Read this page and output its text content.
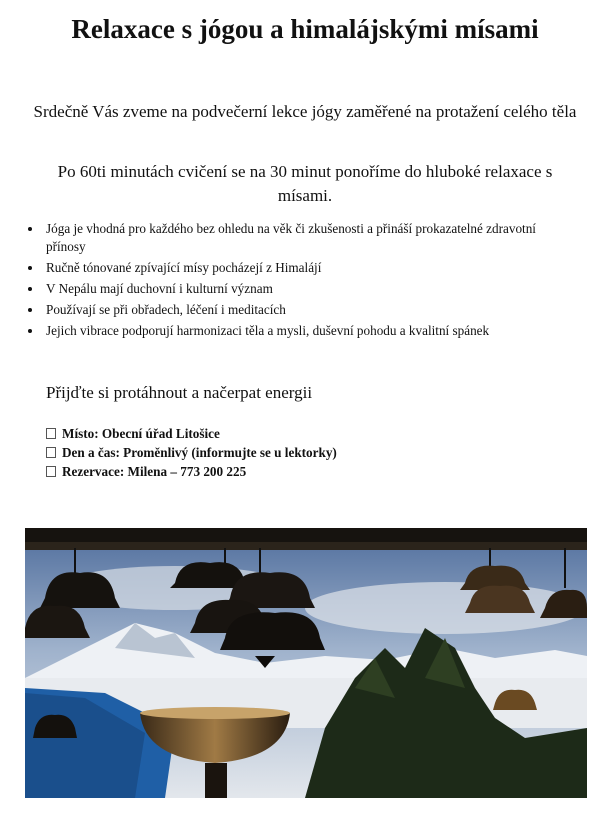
Relaxace s jógou a himalájskými mísami

Srdečně Vás zveme na podvečerní lekce jógy zaměřené na protažení celého těla

Po 60ti minutách cvičení se na 30 minut ponoříme do hluboké relaxace s mísami.

Jóga je vhodná pro každého bez ohledu na věk či zkušenosti a přináší prokazatelné zdravotní přínosy
Ručně tónované zpívající mísy pocházejí z Himalájí
V Nepálu mají duchovní i kulturní význam
Používají se při obřadech, léčení i meditacích
Jejich vibrace podporují harmonizaci těla a mysli, duševní pohodu a kvalitní spánek

Přijďte si protáhnout a načerpat energii

Místo: Obecní úřad Litošice
Den a čas: Proměnlivý (informujte se u lektorky)
Rezervace: Milena – 773 200 225
